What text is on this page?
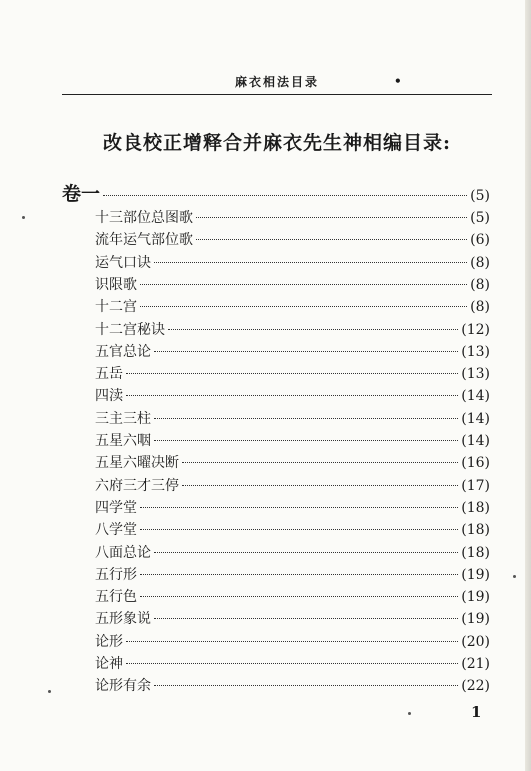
麻衣相法目录	•
改良校正增释合并麻衣先生神相编目录:
卷一	(5)
十三部位总图歌	(5)
流年运气部位歌	(6)
运气口诀	(8)
识限歌	(8)
十二宫	(8)
十二宫秘诀	(12)
五官总论	(13)
五岳	(13)
四渎	(14)
三主三柱	(14)
五星六咽	(14)
五星六曜决断	(16)
六府三才三停	(17)
四学堂	(18)
八学堂	(18)
八面总论	(18)
五行形	(19)
五行色	(19)
五形象说	(19)
论形	(20)
论神	(21)
论形有余	(22)
1
